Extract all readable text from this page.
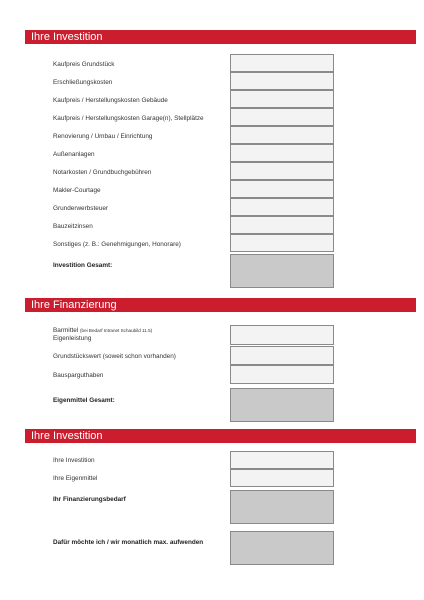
Ihre Investition
Kaufpreis Grundstück
Erschließungskosten
Kaufpreis / Herstellungskosten Gebäude
Kaufpreis / Herstellungskosten Garage(n), Stellplätze
Renovierung / Umbau / Einrichtung
Außenanlagen
Notarkosten / Grundbuchgebühren
Makler-Courtage
Grunderwerbsteuer
Bauzeitzinsen
Sonstiges (z. B.: Genehmigungen, Honorare)
Investition Gesamt:
Ihre Finanzierung
Barmittel (bei Bedarf Intranet Schaubild 11.5)
Eigenleistung
Grundstückswert (soweit schon vorhanden)
Bausparguthaben
Eigenmittel Gesamt:
Ihre Investition
Ihre Investition
Ihre Eigenmittel
Ihr Finanzierungsbedarf
Dafür möchte ich / wir monatlich max. aufwenden
